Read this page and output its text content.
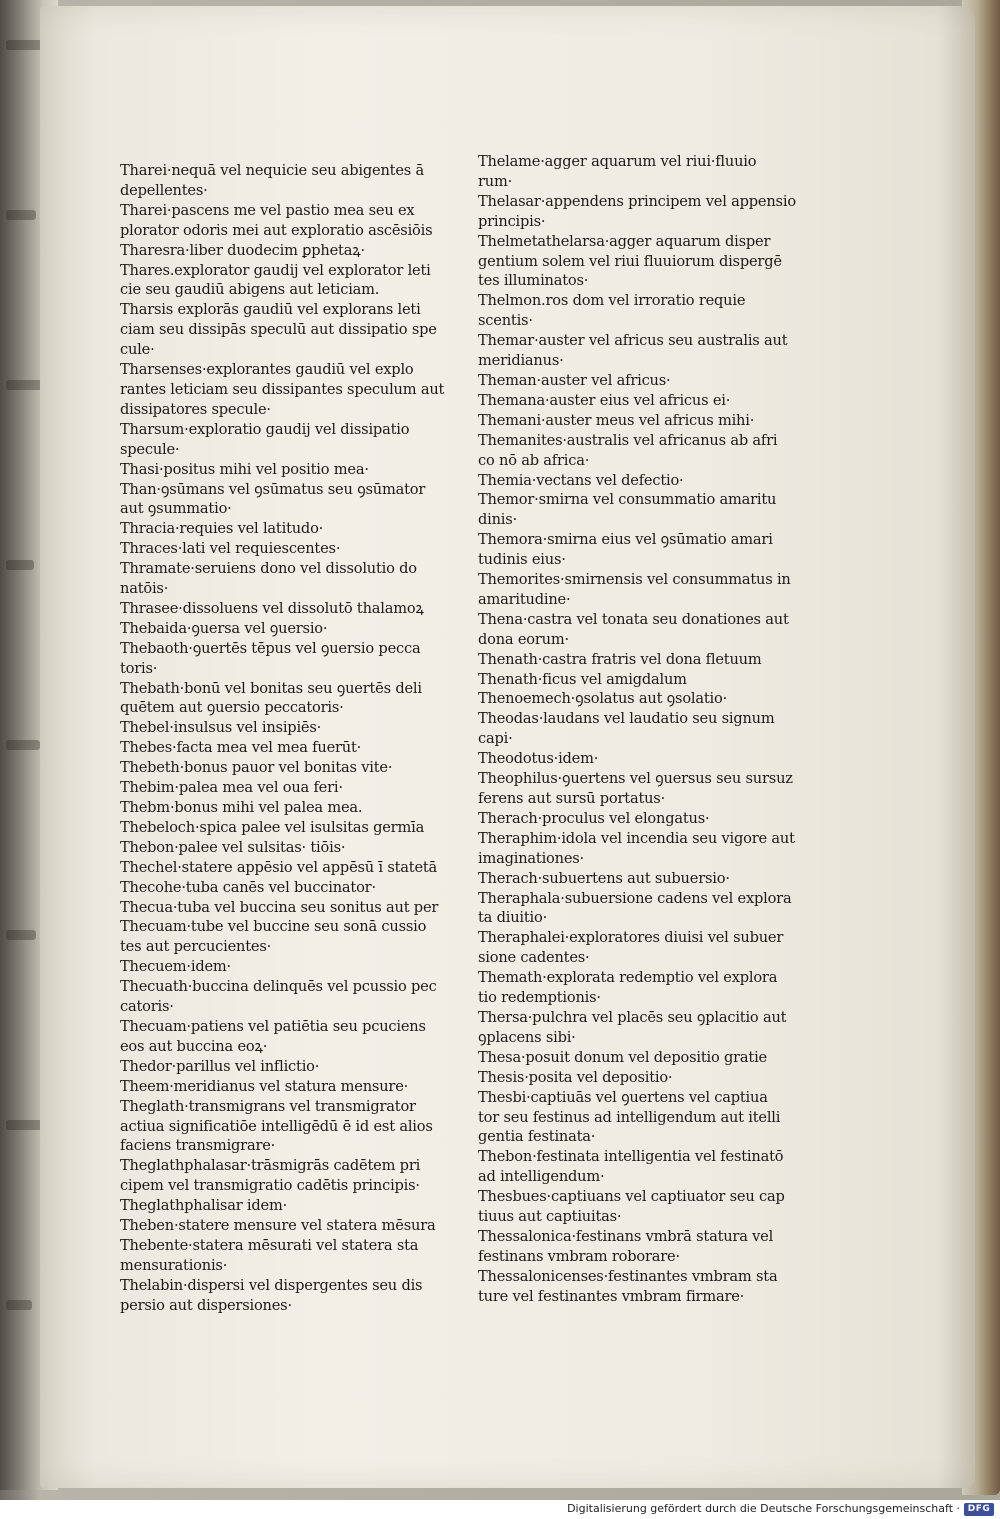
Tharei·nequā vel nequicie seu abigentes ā
depellentes·
Tharei·pascens me vel pastio mea seu ex
plorator odoris mei aut exploratio ascēsiōis
Tharesra·liber duodecim ꝑphetaꝝ·
Thares.explorator gaudij vel explorator leti
cie seu gaudiū abigens aut leticiam.
Tharsis explorās gaudiū vel explorans leti
ciam seu dissipās speculū aut dissipatio spe
cule·
Tharsenses·explorantes gaudiū vel explo
rantes leticiam seu dissipantes speculum aut
dissipatores specule·
Tharsum·exploratio gaudij vel dissipatio
specule·
Thasi·positus mihi vel positio mea·
Than·ꝯsūmans vel ꝯsūmatus seu ꝯsūmator
aut ꝯsummatio·
Thracia·requies vel latitudo·
Thraces·lati vel requiescentes·
Thramate·seruiens dono vel dissolutio do
natōis·
Thrasee·dissoluens vel dissolutō thalamoꝝ
Thebaida·ꝯuersa vel ꝯuersio·
Thebaoth·ꝯuertēs tēpus vel ꝯuersio pecca
toris·
Thebath·bonū vel bonitas seu ꝯuertēs deli
quētem aut ꝯuersio peccatoris·
Thebel·insulsus vel insipiēs·
Thebes·facta mea vel mea fuerūt·
Thebeth·bonus pauor vel bonitas vite·
Thebim·palea mea vel oua feri·
Thebm·bonus mihi vel palea mea.
Thebeloch·spica palee vel isulsitas germīa
Thebon·palee vel sulsitas· tiōis·
Thechel·statere appēsio vel appēsū ī statetā
Thecohe·tuba canēs vel buccinator·
Thecua·tuba vel buccina seu sonitus aut per
Thecuam·tube vel buccine seu sonā cussio
tes aut percucientes·
Thecuem·idem·
Thecuath·buccina delinquēs vel pcussio pec
catoris·
Thecuam·patiens vel patiētia seu pcuciens
eos aut buccina eoꝝ·
Thedor·parillus vel inflictio·
Theem·meridianus vel statura mensure·
Theglath·transmigrans vel transmigrator
actiua significatiōe intelligēdū ē id est alios
faciens transmigrare·
Theglathphalasar·trāsmigrās cadētem pri
cipem vel transmigratio cadētis principis·
Theglathphalisar idem·
Theben·statere mensure vel statera mēsura
Thebente·statera mēsurati vel statera sta
mensurationis·
Thelabin·dispersi vel dispergentes seu dis
persio aut dispersiones·
Thelame·agger aquarum vel riui·fluuio
rum·
Thelasar·appendens principem vel appensio
principis·
Thelmetathelarsa·agger aquarum disper
gentium solem vel riui fluuiorum dispergē
tes illuminatos·
Thelmon.ros dom vel irroratio requie
scentis·
Themar·auster vel africus seu australis aut
meridianus·
Theman·auster vel africus·
Themana·auster eius vel africus ei·
Themani·auster meus vel africus mihi·
Themanites·australis vel africanus ab afri
co nō ab africa·
Themia·vectans vel defectio·
Themor·smirna vel consummatio amaritu
dinis·
Themora·smirna eius vel ꝯsūmatio amari
tudinis eius·
Themorites·smirnensis vel consummatus in
amaritudine·
Thena·castra vel tonata seu donationes aut
dona eorum·
Thenath·castra fratris vel dona fletuum
Thenath·ficus vel amigdalum
Thenoemech·ꝯsolatus aut ꝯsolatio·
Theodas·laudans vel laudatio seu signum
capi·
Theodotus·idem·
Theophilus·ꝯuertens vel ꝯuersus seu sursuz
ferens aut sursū portatus·
Therach·proculus vel elongatus·
Theraphim·idola vel incendia seu vigore aut
imaginationes·
Therach·subuertens aut subuersio·
Theraphala·subuersione cadens vel explora
ta diuitio·
Theraphalei·exploratores diuisi vel subuer
sione cadentes·
Themath·explorata redemptio vel explora
tio redemptionis·
Thersa·pulchra vel placēs seu ꝯplacitio aut
ꝯplacens sibi·
Thesa·posuit donum vel depositio gratie
Thesis·posita vel depositio·
Thesbi·captiuās vel ꝯuertens vel captiua
tor seu festinus ad intelligendum aut itelli
gentia festinata·
Thebon·festinata intelligentia vel festinatō
ad intelligendum·
Thesbues·captiuans vel captiuator seu cap
tiuus aut captiuitas·
Thessalonica·festinans vmbrā statura vel
festinans vmbram roborare·
Thessalonicenses·festinantes vmbram sta
ture vel festinantes vmbram firmare·
Digitalisierung gefördert durch die Deutsche Forschungsgemeinschaft · DFG
